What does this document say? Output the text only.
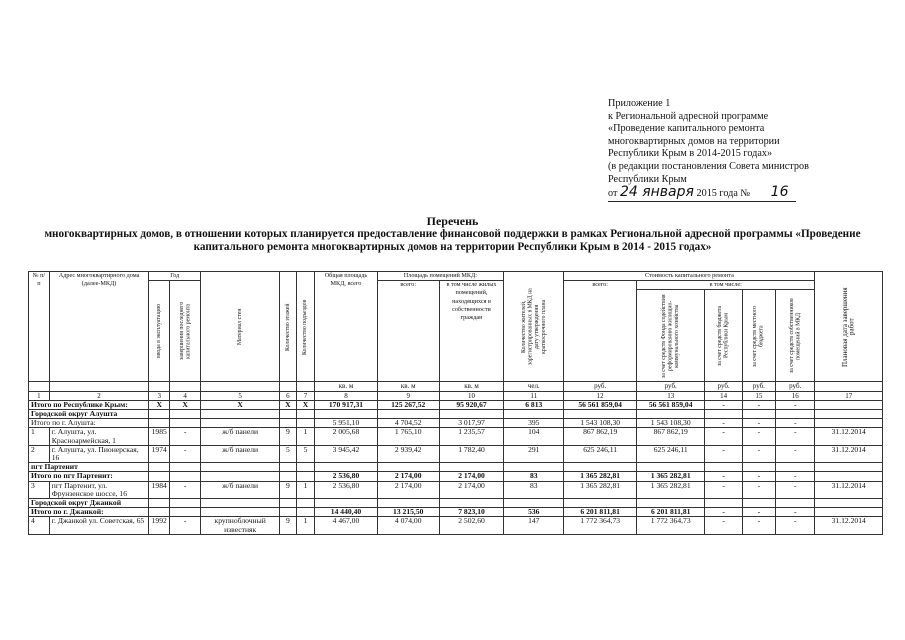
Приложение 1
к Региональной адресной программе
«Проведение капитального ремонта
многоквартирных домов на территории
Республики Крым в 2014-2015 годах»
(в редакции постановления Совета министров
Республики Крым
от 24 января 2015 года № 16
Перечень
многоквартирных домов, в отношении которых планируется предоставление финансовой поддержки в рамках Региональной адресной программы «Проведение капитального ремонта многоквартирных домов на территории Республики Крым в 2014 - 2015 годах»
№ п/п	Адрес многоквартирного дома (далее-МКД)	Год		Материал стен	Количество этажей	Количество подъездов	Общая площадь МКД, всего	Площадь помещений МКД:		Количество жителей, зарегистрированных в МКД на дату утверждения краткосрочного плана	Стоимость капитального ремонта					Плановая дата завершения работ

		ввода в эксплуатацию	завершения последнего капитального ремонта					всего:	в том числе жилых помещений, находящихся в собственности граждан		всего:	в том числе:				

												за счет средств Фонда содействия реформированию жилищно-коммунального хозяйства	за счет средств бюджета Республики Крым	за счет средств местного бюджета	за счет средств собственников помещений в МКД	

							кв. м	кв. м	кв. м	чел.	руб.	руб.	руб.	руб.	руб.	
1	2	3	4	5	6	7	8	9	10	11	12	13	14	15	16	17
Итого по Республике Крым:		X	X	X	X	X	170 917,31	125 267,52	95 920,67	6 813	56 561 859,04	56 561 859,04	-	-	-	
Городской округ Алушта																
Итого по г. Алушта:							5 951,10	4 704,52	3 017,97	395	1 543 108,30	1 543 108,30	-	-	-	
1	г. Алушта, ул. Красноармейская, 1	1985	-	ж/б панели	9	1	2 005,68	1 765,10	1 235,57	104	867 862,19	867 862,19	-	-	-	31.12.2014
2	г. Алушта, ул. Пионерская, 16	1974	-	ж/б панели	5	5	3 945,42	2 939,42	1 782,40	291	625 246,11	625 246,11	-	-	-	31.12.2014
пгт Партенит																
Итого по пгт Партенит:							2 536,80	2 174,00	2 174,00	83	1 365 282,81	1 365 282,81	-	-	-	
3	пгт Партенит, ул. Фрунзенское шоссе, 16	1984	-	ж/б панели	9	1	2 536,80	2 174,00	2 174,00	83	1 365 282,81	1 365 282,81	-	-	-	31.12.2014
Городской округ Джанкой																
Итого по г. Джанкой:							14 440,40	13 215,50	7 823,10	536	6 201 811,81	6 201 811,81	-	-	-	
4	г. Джанкой ул. Советская, 65	1992	-	крупноблочный известняк	9	1	4 467,00	4 074,00	2 502,60	147	1 772 364,73	1 772 364,73	-	-	-	31.12.2014
